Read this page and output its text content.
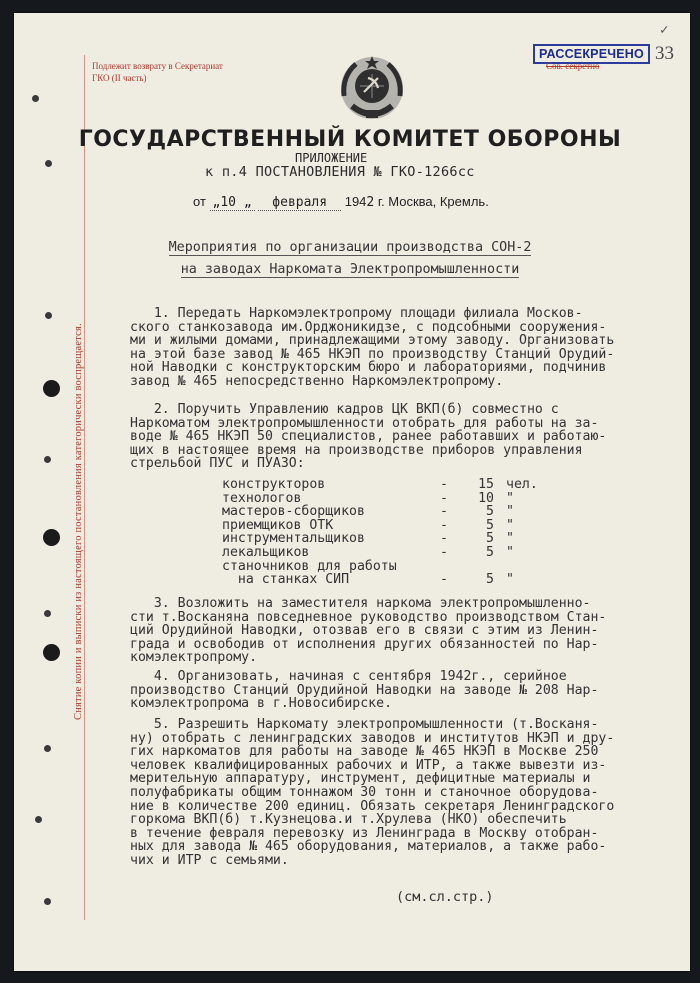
Снятие копии и выписки из настоящего постановления категорически воспрещается.
Подлежит возврату в Секретариат
ГКО (II часть)
✓
РАССЕКРЕЧЕНО
Сов. секретно
33
ГОСУДАРСТВЕННЫЙ КОМИТЕТ ОБОРОНЫ
ПРИЛОЖЕНИЕ
к п.4 ПОСТАНОВЛЕНИЯ № ГКО-1266сс
от „10 „ февраля 1942 г. Москва, Кремль.
Мероприятия по организации производства СОН-2
на заводах Наркомата Электропромышленности
1. Передать Наркомэлектропрому площади филиала Москов-
ского станкозавода им.Орджоникидзе, с подсобными сооружения-
ми и жилыми домами, принадлежащими этому заводу. Организовать
на этой базе завод № 465 НКЭП по производству Станций Орудий-
ной Наводки с конструкторским бюро и лабораториями, подчинив
завод № 465 непосредственно Наркомэлектропрому.
2. Поручить Управлению кадров ЦК ВКП(б) совместно с
Наркоматом электропромышленности отобрать для работы на за-
воде № 465 НКЭП 50 специалистов, ранее работавших и работаю-
щих в настоящее время на производстве приборов управления
стрельбой ПУС и ПУАЗО:
конструкторов	-	15 чел.
технологов	-	10 "
мастеров-сборщиков	-	5 "
приемщиков ОТК	-	5 "
инструментальщиков	-	5 "
лекальщиков	-	5 "
станочников для работы
на станках СИП	-	5 "
3. Возложить на заместителя наркома электропромышленно-
сти т.Восканяна повседневное руководство производством Стан-
ций Орудийной Наводки, отозвав его в связи с этим из Ленин-
града и освободив от исполнения других обязанностей по Нар-
комэлектропрому.
4. Организовать, начиная с сентября 1942г., серийное
производство Станций Орудийной Наводки на заводе № 208 Нар-
комэлектропрома в г.Новосибирске.
5. Разрешить Наркомату электропромышленности (т.Восканя-
ну) отобрать с ленинградских заводов и институтов НКЭП и дру-
гих наркоматов для работы на заводе № 465 НКЭП в Москве 250
человек квалифицированных рабочих и ИТР, а также вывезти из-
мерительную аппаратуру, инструмент, дефицитные материалы и
полуфабрикаты общим тоннажом 30 тонн и станочное оборудова-
ние в количестве 200 единиц. Обязать секретаря Ленинградского
горкома ВКП(б) т.Кузнецова.и т.Хрулева (НКО) обеспечить
в течение февраля перевозку из Ленинграда в Москву отобран-
ных для завода № 465 оборудования, материалов, а также рабо-
чих и ИТР с семьями.
(см.сл.стр.)
